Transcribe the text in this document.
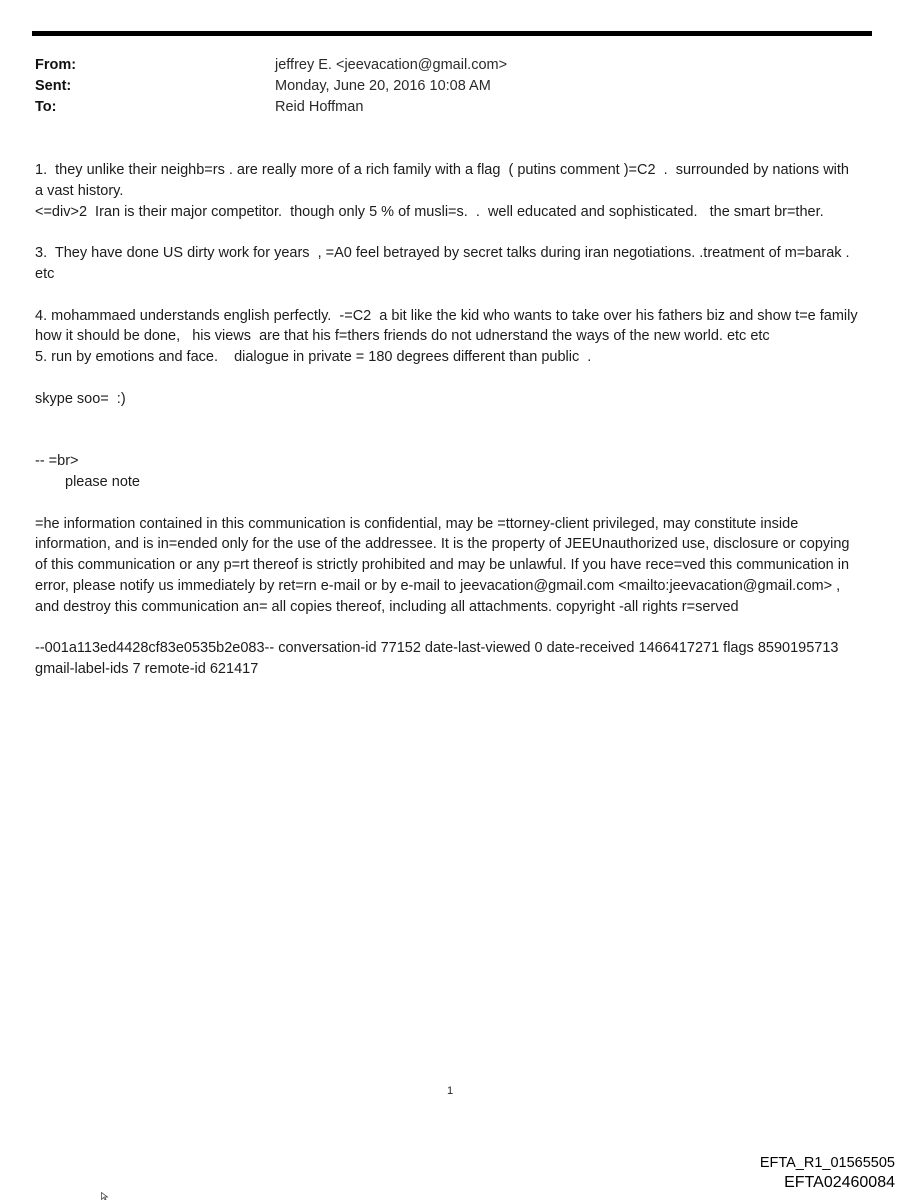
From:	jeffrey E. <jeevacation@gmail.com>
Sent:	Monday, June 20, 2016 10:08 AM
To:	Reid Hoffman

1.  they unlike their neighb=rs . are really more of a rich family with a flag  ( putins comment )=C2  .  surrounded by nations with  a vast history.

<=div>2  Iran is their major competitor.  though only 5 % of musli=s.  .  well educated and sophisticated.   the smart br=ther.

3.  They have done US dirty work for years  , =A0 feel betrayed by secret talks during iran negotiations. .treatment of m=barak . etc

4. mohammaed understands english perfectly.  -=C2  a bit like the kid who wants to take over his fathers biz and show t=e family how it should be done,   his views  are that his f=thers friends do not udnerstand the ways of the new world. etc etc

5. run by emotions and face.    dialogue in private = 180 degrees different than public  .

skype soo=  :)

-- =br>

please note

=he information contained in this communication is confidential, may be =ttorney-client privileged, may constitute inside information, and is in=ended only for the use of the addressee. It is the property of JEEUnauthorized use, disclosure or copying of this communication or any p=rt thereof is strictly prohibited and may be unlawful. If you have rece=ved this communication in error, please notify us immediately by ret=rn e-mail or by e-mail to jeevacation@gmail.com <mailto:jeevacation@gmail.com> , and destroy this communication an= all copies thereof, including all attachments. copyright -all rights r=served

--001a113ed4428cf83e0535b2e083-- conversation-id 77152 date-last-viewed 0 date-received 1466417271 flags 8590195713 gmail-label-ids 7 remote-id 621417

1
EFTA_R1_01565505
EFTA02460084
